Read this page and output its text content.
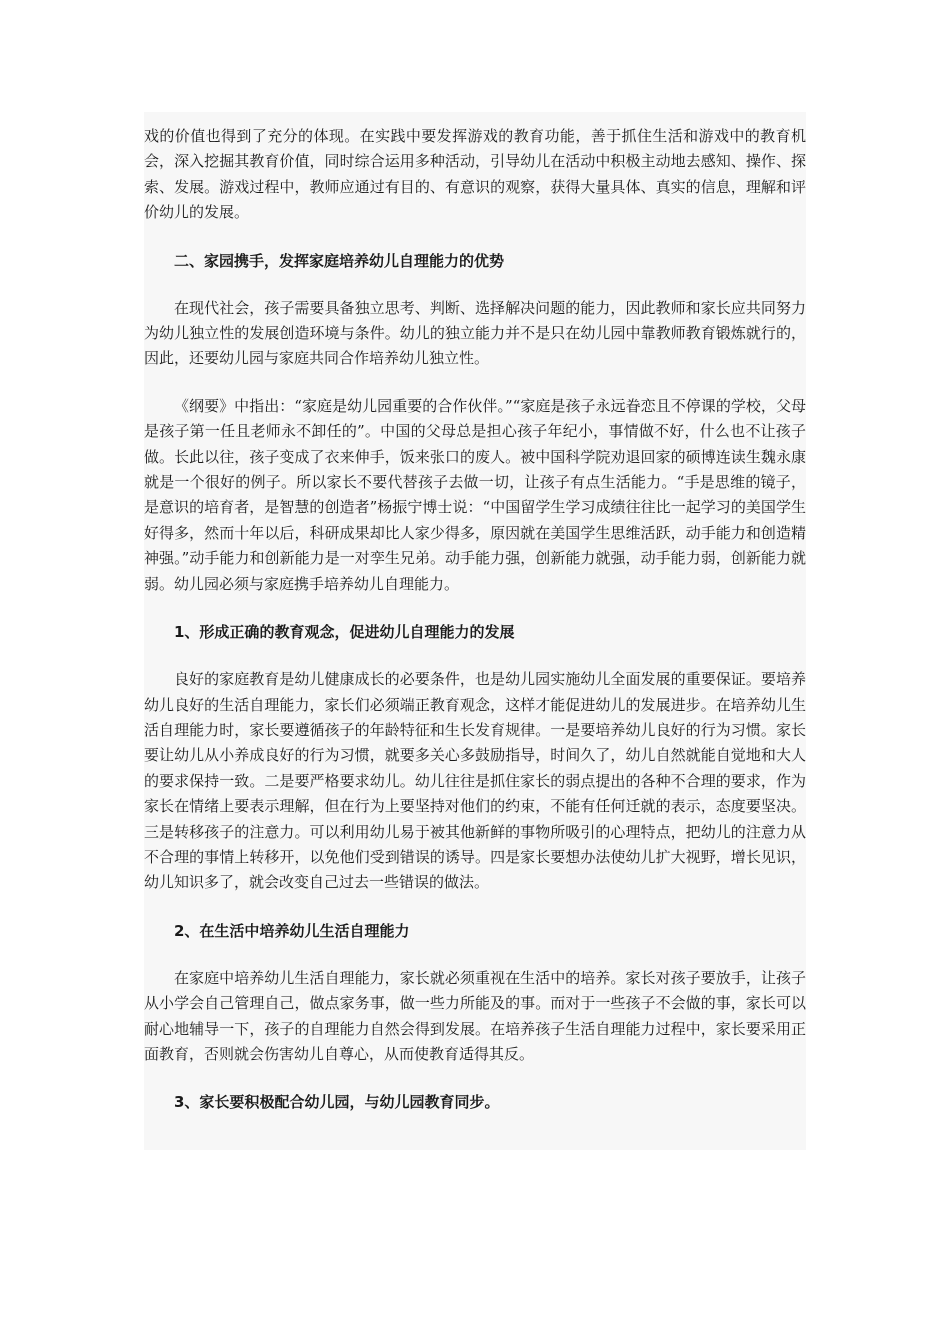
戏的价值也得到了充分的体现。在实践中要发挥游戏的教育功能，善于抓住生活和游戏中的教育机会，深入挖掘其教育价值，同时综合运用多种活动，引导幼儿在活动中积极主动地去感知、操作、探索、发展。游戏过程中，教师应通过有目的、有意识的观察，获得大量具体、真实的信息，理解和评价幼儿的发展。

二、家园携手，发挥家庭培养幼儿自理能力的优势

在现代社会，孩子需要具备独立思考、判断、选择解决问题的能力，因此教师和家长应共同努力为幼儿独立性的发展创造环境与条件。幼儿的独立能力并不是只在幼儿园中靠教师教育锻炼就行的，因此，还要幼儿园与家庭共同合作培养幼儿独立性。

《纲要》中指出：“家庭是幼儿园重要的合作伙伴。”“家庭是孩子永远眷恋且不停课的学校，父母是孩子第一任且老师永不卸任的”。中国的父母总是担心孩子年纪小，事情做不好，什么也不让孩子做。长此以往，孩子变成了衣来伸手，饭来张口的废人。被中国科学院劝退回家的硕博连读生魏永康就是一个很好的例子。所以家长不要代替孩子去做一切，让孩子有点生活能力。“手是思维的镜子，是意识的培育者，是智慧的创造者”杨振宁博士说：“中国留学生学习成绩往往比一起学习的美国学生好得多，然而十年以后，科研成果却比人家少得多，原因就在美国学生思维活跃，动手能力和创造精神强。”动手能力和创新能力是一对孪生兄弟。动手能力强，创新能力就强，动手能力弱，创新能力就弱。幼儿园必须与家庭携手培养幼儿自理能力。

1、形成正确的教育观念，促进幼儿自理能力的发展

良好的家庭教育是幼儿健康成长的必要条件，也是幼儿园实施幼儿全面发展的重要保证。要培养幼儿良好的生活自理能力，家长们必须端正教育观念，这样才能促进幼儿的发展进步。在培养幼儿生活自理能力时，家长要遵循孩子的年龄特征和生长发育规律。一是要培养幼儿良好的行为习惯。家长要让幼儿从小养成良好的行为习惯，就要多关心多鼓励指导，时间久了，幼儿自然就能自觉地和大人的要求保持一致。二是要严格要求幼儿。幼儿往往是抓住家长的弱点提出的各种不合理的要求，作为家长在情绪上要表示理解，但在行为上要坚持对他们的约束，不能有任何迁就的表示，态度要坚决。三是转移孩子的注意力。可以利用幼儿易于被其他新鲜的事物所吸引的心理特点，把幼儿的注意力从不合理的事情上转移开，以免他们受到错误的诱导。四是家长要想办法使幼儿扩大视野，增长见识，幼儿知识多了，就会改变自己过去一些错误的做法。

2、在生活中培养幼儿生活自理能力

在家庭中培养幼儿生活自理能力，家长就必须重视在生活中的培养。家长对孩子要放手，让孩子从小学会自己管理自己，做点家务事，做一些力所能及的事。而对于一些孩子不会做的事，家长可以耐心地辅导一下，孩子的自理能力自然会得到发展。在培养孩子生活自理能力过程中，家长要采用正面教育，否则就会伤害幼儿自尊心，从而使教育适得其反。

3、家长要积极配合幼儿园，与幼儿园教育同步。
